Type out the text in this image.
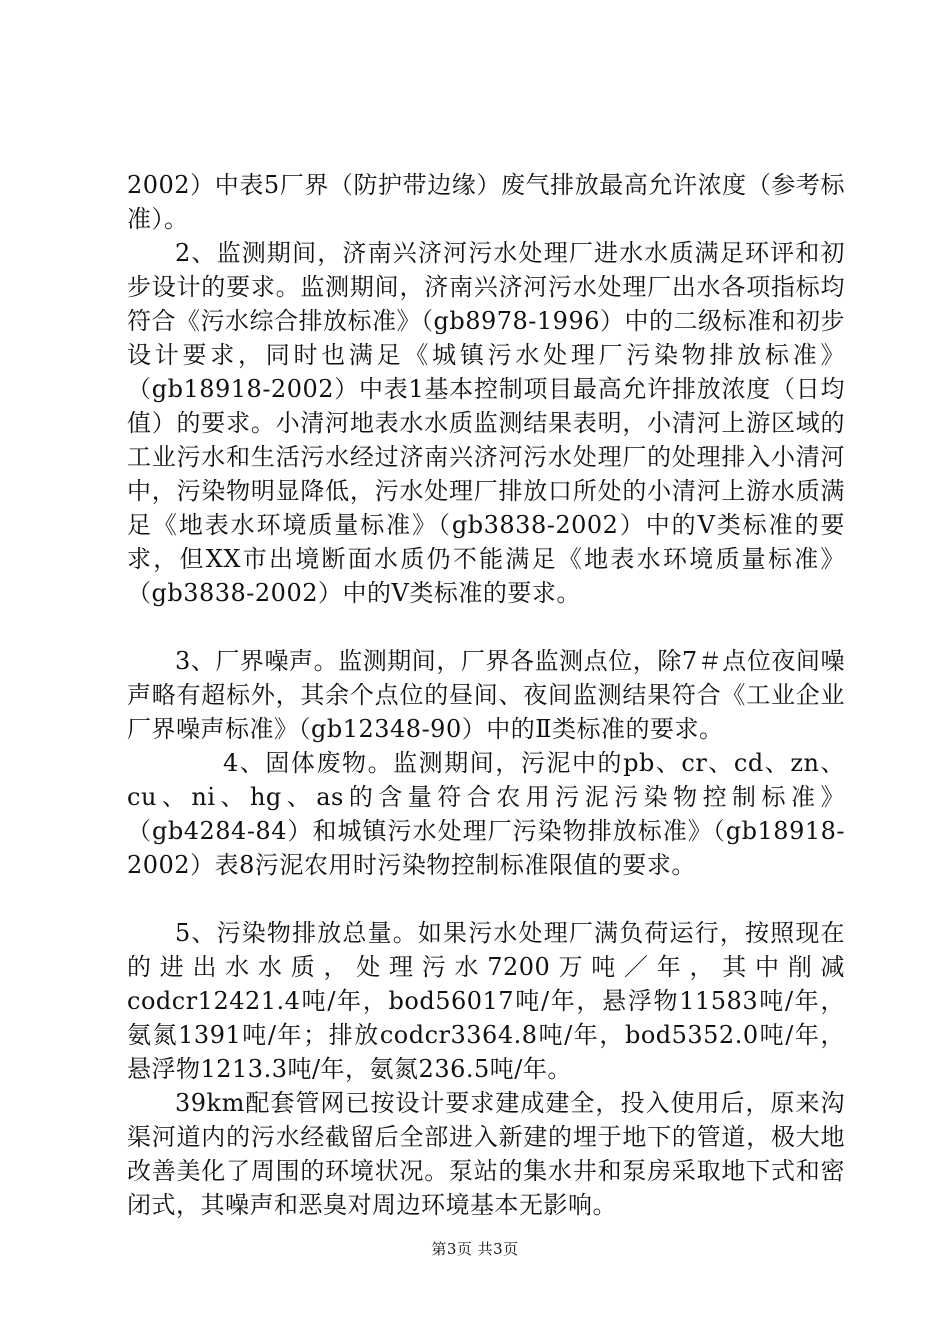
2002）中表5厂界（防护带边缘）废气排放最高允许浓度（参考标准）。

2、监测期间，济南兴济河污水处理厂进水水质满足环评和初步设计的要求。监测期间，济南兴济河污水处理厂出水各项指标均符合《污水综合排放标准》（gb8978-1996）中的二级标准和初步设计要求，同时也满足《城镇污水处理厂污染物排放标准》（gb18918-2002）中表1基本控制项目最高允许排放浓度（日均值）的要求。小清河地表水水质监测结果表明，小清河上游区域的工业污水和生活污水经过济南兴济河污水处理厂的处理排入小清河中，污染物明显降低，污水处理厂排放口所处的小清河上游水质满足《地表水环境质量标准》（gb3838-2002）中的Ⅴ类标准的要求，但XX市出境断面水质仍不能满足《地表水环境质量标准》（gb3838-2002）中的Ⅴ类标准的要求。

3、厂界噪声。监测期间，厂界各监测点位，除7＃点位夜间噪声略有超标外，其余个点位的昼间、夜间监测结果符合《工业企业厂界噪声标准》（gb12348-90）中的Ⅱ类标准的要求。

4、固体废物。监测期间，污泥中的pb、cr、cd、zn、cu、ni、hg、as的含量符合农用污泥污染物控制标准》（gb4284-84）和城镇污水处理厂污染物排放标准》（gb18918-2002）表8污泥农用时污染物控制标准限值的要求。

5、污染物排放总量。如果污水处理厂满负荷运行，按照现在的进出水水质，处理污水7200万吨／年，其中削减codcr12421.4吨/年，bod56017吨/年，悬浮物11583吨/年，氨氮1391吨/年；排放codcr3364.8吨/年，bod5352.0吨/年，悬浮物1213.3吨/年，氨氮236.5吨/年。

39km配套管网已按设计要求建成建全，投入使用后，原来沟渠河道内的污水经截留后全部进入新建的埋于地下的管道，极大地改善美化了周围的环境状况。泵站的集水井和泵房采取地下式和密闭式，其噪声和恶臭对周边环境基本无影响。

第3页 共3页
